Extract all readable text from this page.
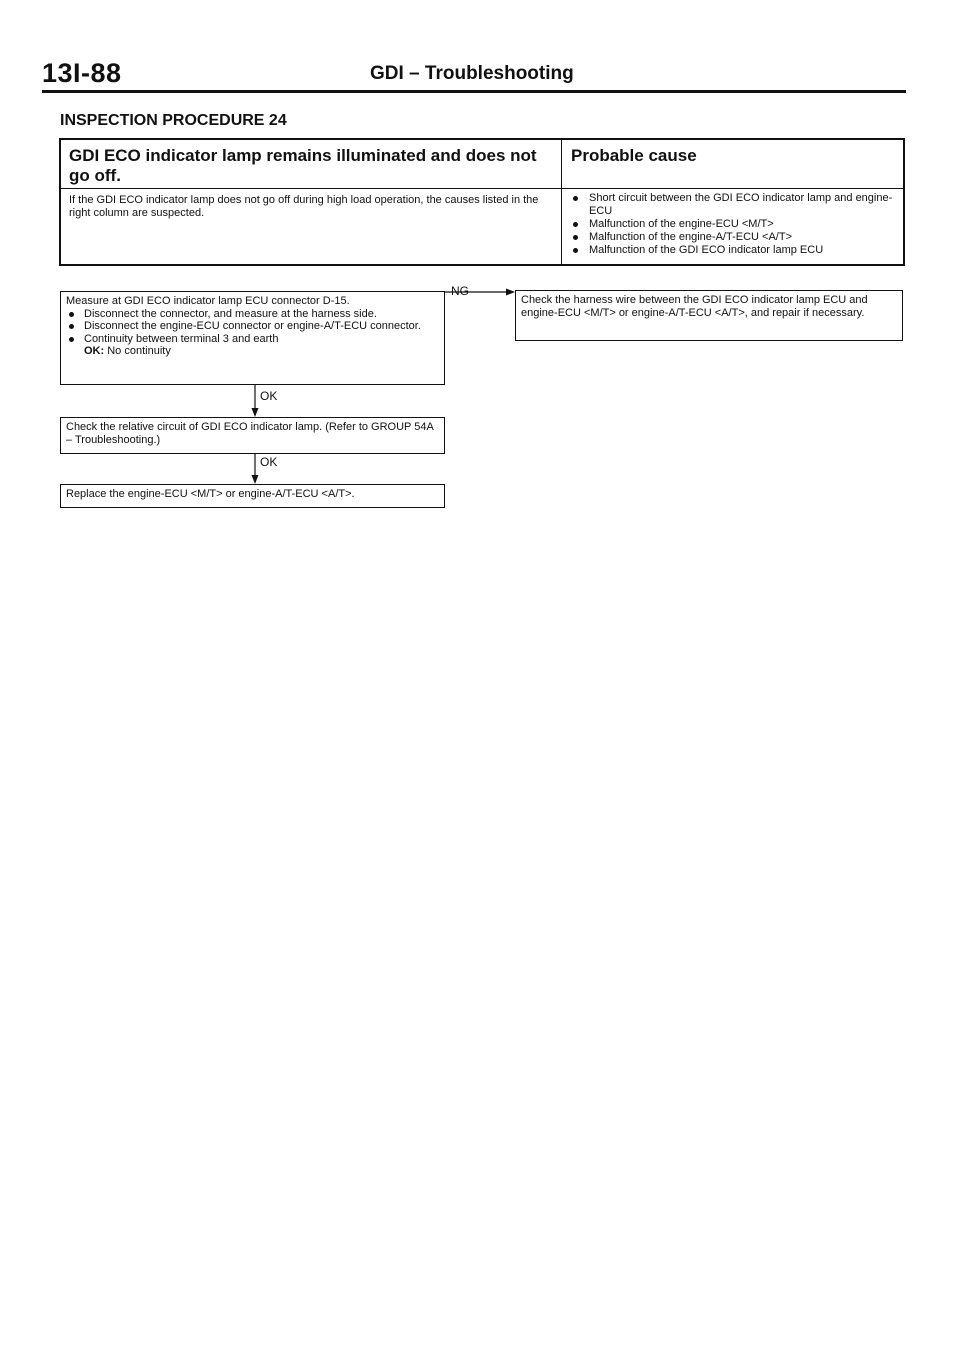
13I-88	GDI – Troubleshooting
INSPECTION PROCEDURE 24
GDI ECO indicator lamp remains illuminated and does not go off.
Probable cause
If the GDI ECO indicator lamp does not go off during high load operation, the causes listed in the right column are suspected.
Short circuit between the GDI ECO indicator lamp and engine-ECU
Malfunction of the engine-ECU <M/T>
Malfunction of the engine-A/T-ECU <A/T>
Malfunction of the GDI ECO indicator lamp ECU
NG
OK
OK
Measure at GDI ECO indicator lamp ECU connector D-15.
Disconnect the connector, and measure at the harness side.
Disconnect the engine-ECU connector or engine-A/T-ECU connector.
Continuity between terminal 3 and earth
OK: No continuity
Check the harness wire between the GDI ECO indicator lamp ECU and engine-ECU <M/T> or engine-A/T-ECU <A/T>, and repair if necessary.
Check the relative circuit of GDI ECO indicator lamp. (Refer to GROUP 54A – Troubleshooting.)
Replace the engine-ECU <M/T> or engine-A/T-ECU <A/T>.
